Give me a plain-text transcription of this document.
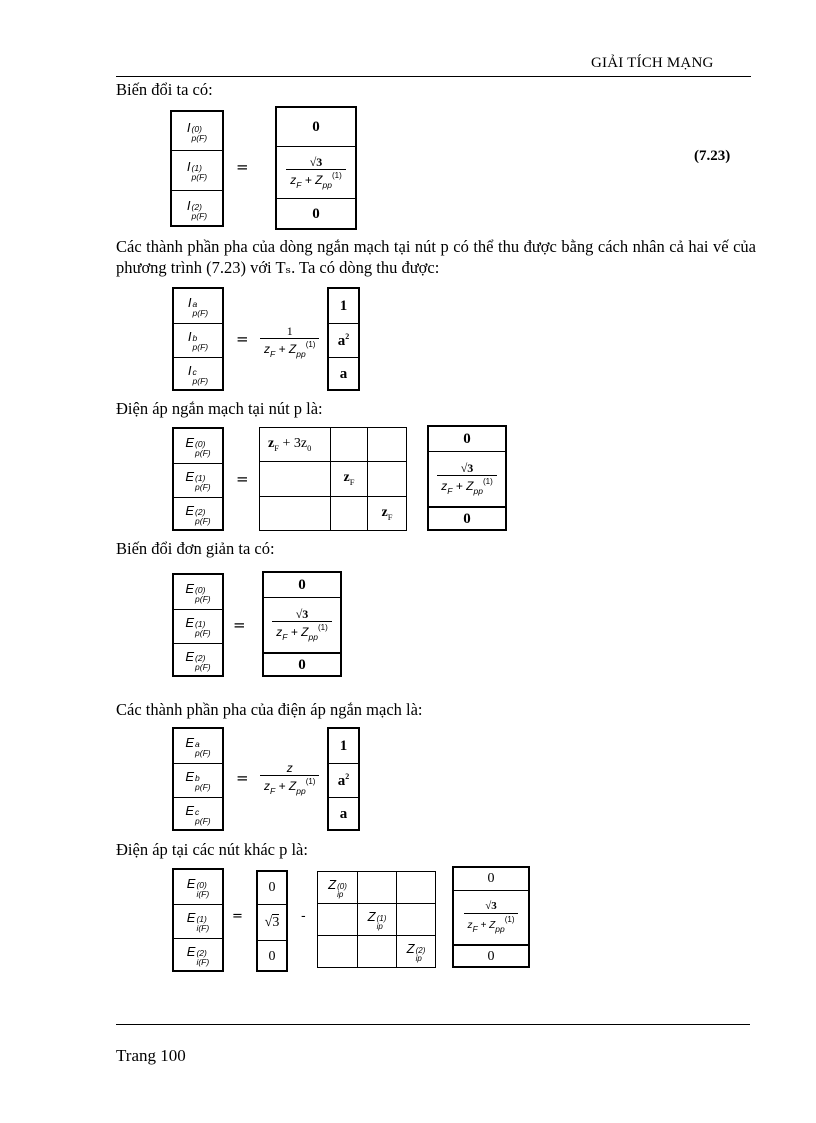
GIẢI TÍCH MẠNG
Biến đổi ta có:
I (0)
p(F)
I (1)
p(F)
I (2)
p(F)
=
0
$\frac{√3}{z_F + Z_{pp}^{(1)}}$
0
(7.23)
Các thành phần pha của dòng ngắn mạch tại nút p có thể thu được bằng cách nhân cả hai vế của phương trình (7.23) với Tₛ. Ta có dòng thu được:
I a
p(F)
I b
p(F)
I c
p(F)
= $\frac{1}{z_F + Z_{pp}^{(1)}}$
1
$a^2$
a
Điện áp ngắn mạch tại nút p là:
E (0)
p(F)
E (1)
p(F)
E (2)
p(F)
=
$z_F + 3z_0$
$z_F$
$z_F$
0
$\frac{√3}{z_F + Z_{pp}^{(1)}}$
0
Biến đổi đơn giản ta có:
E (0)
p(F)
E (1)
p(F)
E (2)
p(F)
=
0
$\frac{√3}{z_F + Z_{pp}^{(1)}}$
0
Các thành phần pha của điện áp ngắn mạch là:
E a
p(F)
E b
p(F)
E c
p(F)
= $\frac{z}{z_F + Z_{pp}^{(1)}}$
1
$a^2$
a
Điện áp tại các nút khác p là:
E (0)
i(F)
E (1)
i(F)
E (2)
i(F)
=
0
√3
0
-
Z (0)
ip
Z (1)
ip
Z (2)
ip
0
$\frac{√3}{z_F + Z_{pp}^{(1)}}$
0
Trang 100
